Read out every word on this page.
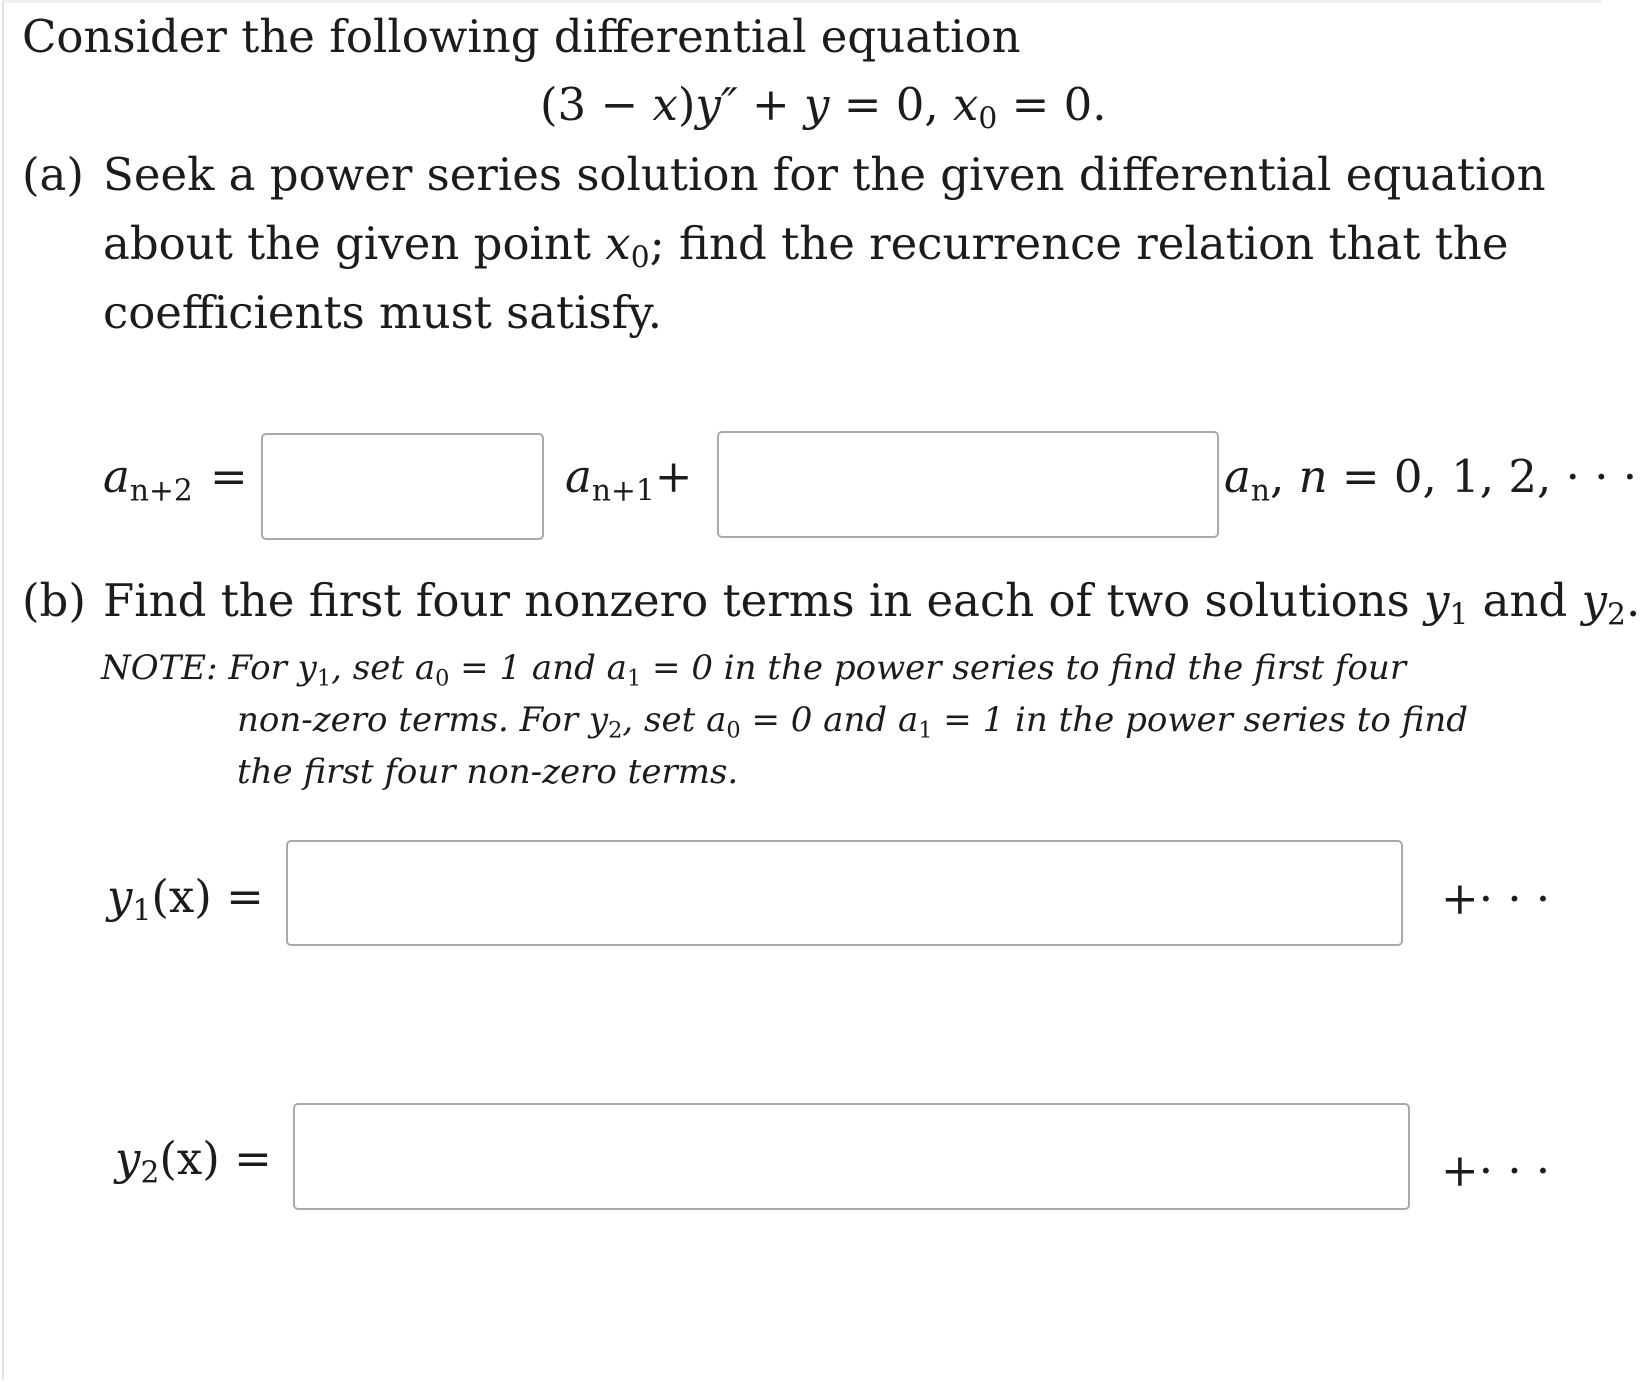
Consider the following differential equation
(3 − x)y″ + y = 0, $x_0 = 0$.
(a) Seek a power series solution for the given differential equation
about the given point $x_0$; find the recurrence relation that the
coefficients must satisfy.
$a_{n+2}$ =	$a_{n+1}+$	$a_n$, n = 0, 1, 2, · · ·
(b) Find the first four nonzero terms in each of two solutions $y_1$ and $y_2$.
NOTE: For $y_1$, set $a_0 = 1$ and $a_1 = 0$ in the power series to find the first four
non-zero terms. For $y_2$, set $a_0 = 0$ and $a_1 = 1$ in the power series to find
the first four non-zero terms.
$y_1(x)$ =	+· · ·
$y_2(x)$ =	+· · ·
